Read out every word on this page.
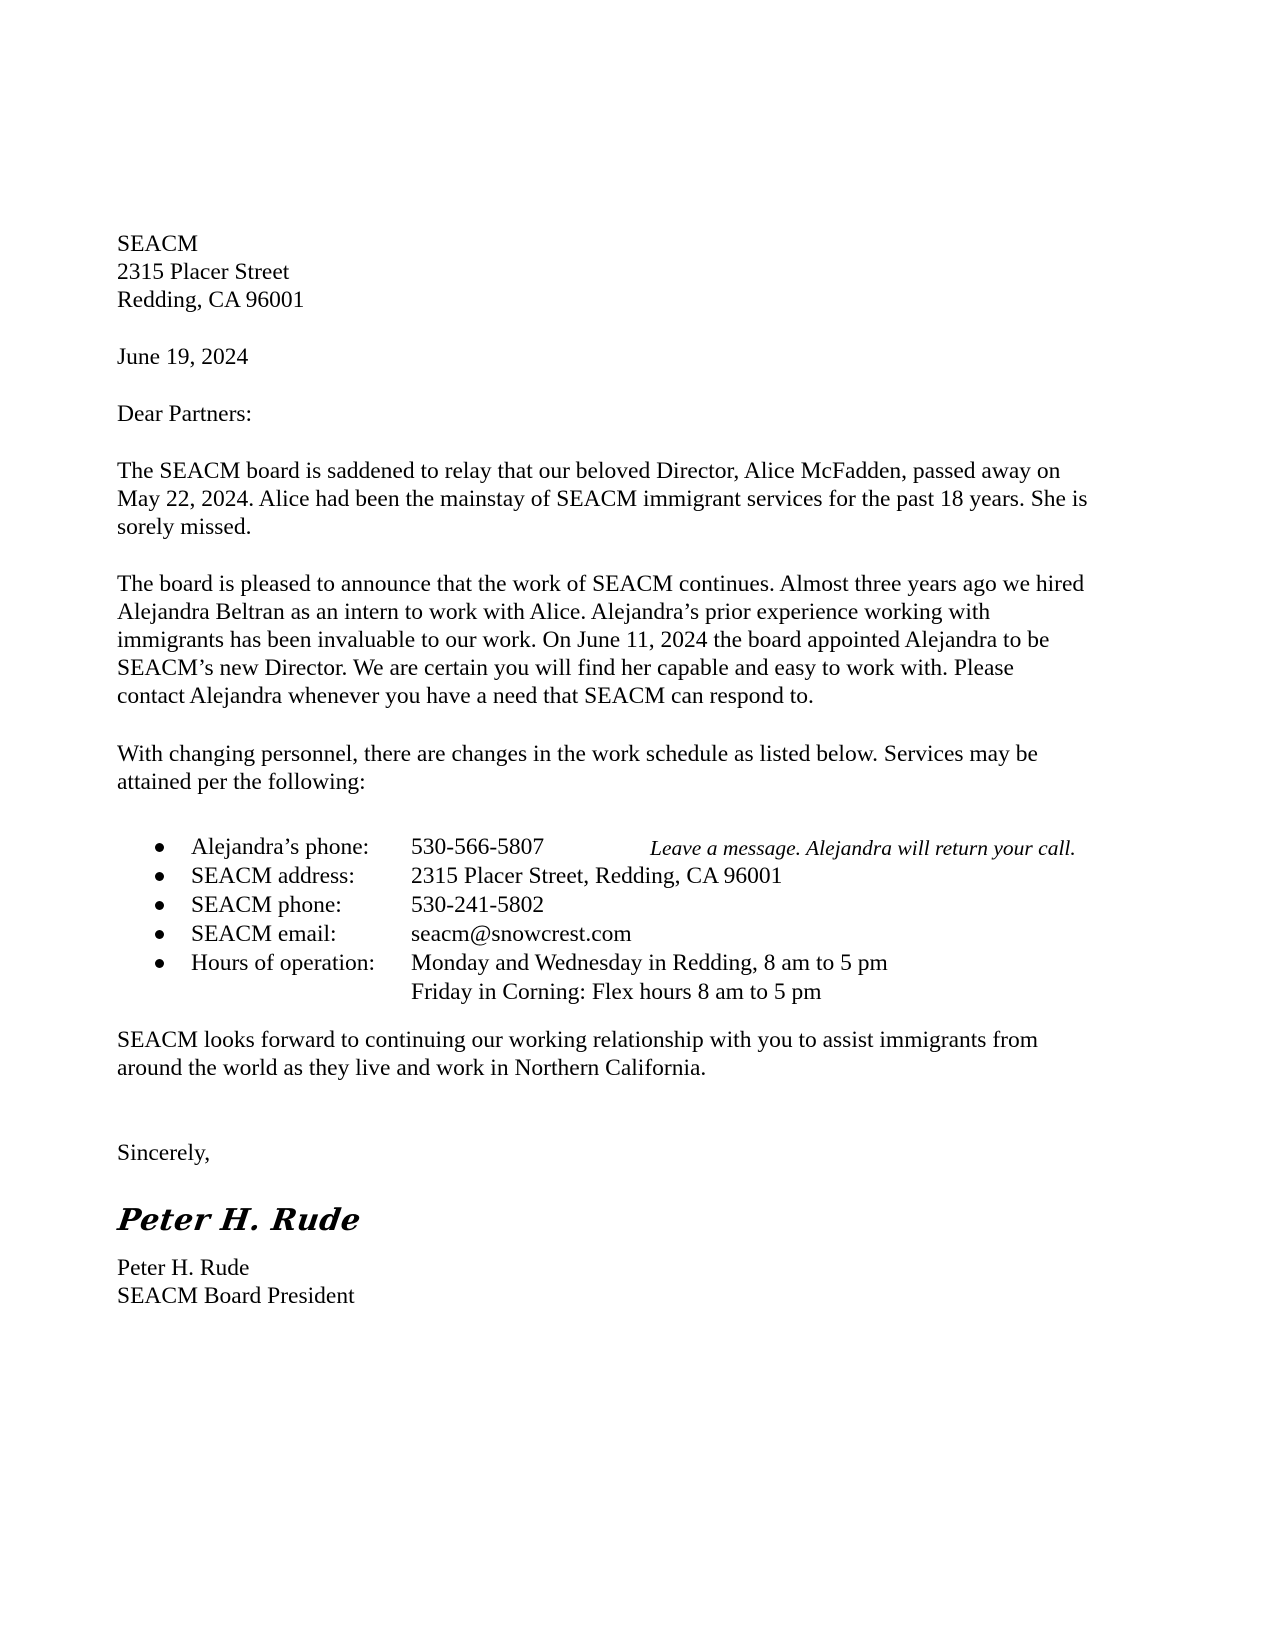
SEACM
2315 Placer Street
Redding, CA 96001
June 19, 2024
Dear Partners:
The SEACM board is saddened to relay that our beloved Director, Alice McFadden, passed away on
May 22, 2024. Alice had been the mainstay of SEACM immigrant services for the past 18 years. She is
sorely missed.
The board is pleased to announce that the work of SEACM continues. Almost three years ago we hired
Alejandra Beltran as an intern to work with Alice. Alejandra’s prior experience working with
immigrants has been invaluable to our work. On June 11, 2024 the board appointed Alejandra to be
SEACM’s new Director. We are certain you will find her capable and easy to work with. Please
contact Alejandra whenever you have a need that SEACM can respond to.
With changing personnel, there are changes in the work schedule as listed below. Services may be
attained per the following:
Alejandra’s phone: 530-566-5807	Leave a message. Alejandra will return your call.
SEACM address: 2315 Placer Street, Redding, CA 96001
SEACM phone:	530-241-5802
SEACM email:	seacm@snowcrest.com
Hours of operation: Monday and Wednesday in Redding, 8 am to 5 pm
Friday in Corning: Flex hours 8 am to 5 pm
SEACM looks forward to continuing our working relationship with you to assist immigrants from
around the world as they live and work in Northern California.
Sincerely,
Peter H. Rude
Peter H. Rude
SEACM Board President
